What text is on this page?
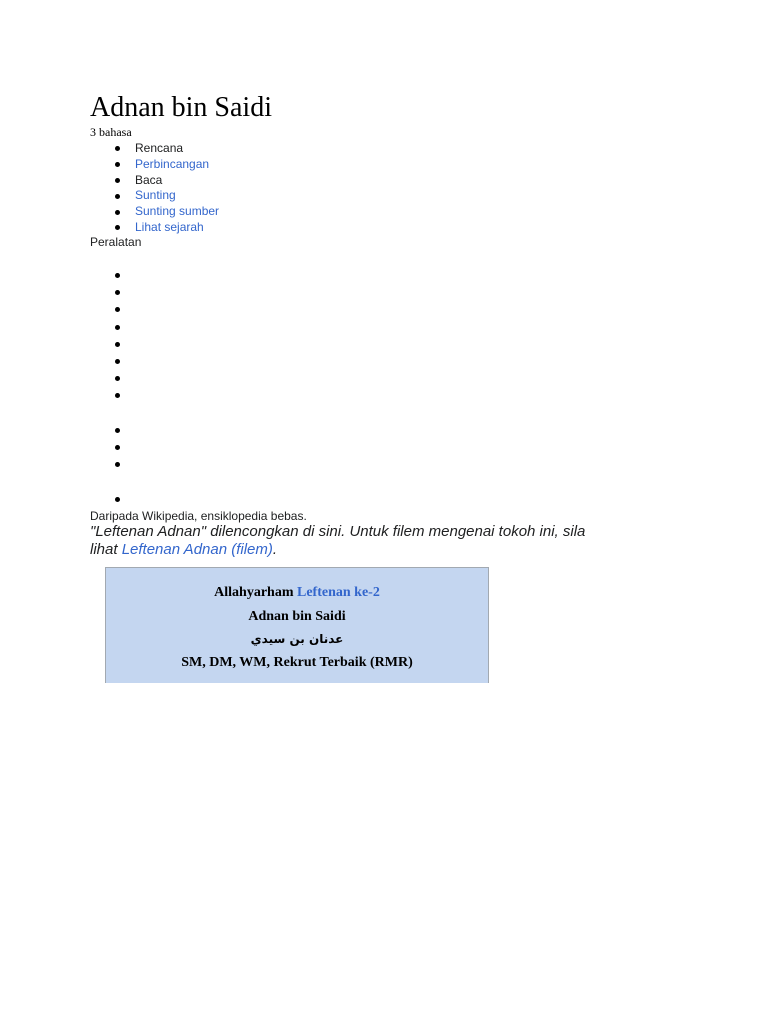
Adnan bin Saidi
3 bahasa
Rencana
Perbincangan
Baca
Sunting
Sunting sumber
Lihat sejarah
Peralatan
Daripada Wikipedia, ensiklopedia bebas.
"Leftenan Adnan" dilencongkan di sini. Untuk filem mengenai tokoh ini, sila lihat Leftenan Adnan (filem).
Allahyarham Leftenan ke-2
Adnan bin Saidi
عدنان بن سيدي
SM, DM, WM, Rekrut Terbaik (RMR)
